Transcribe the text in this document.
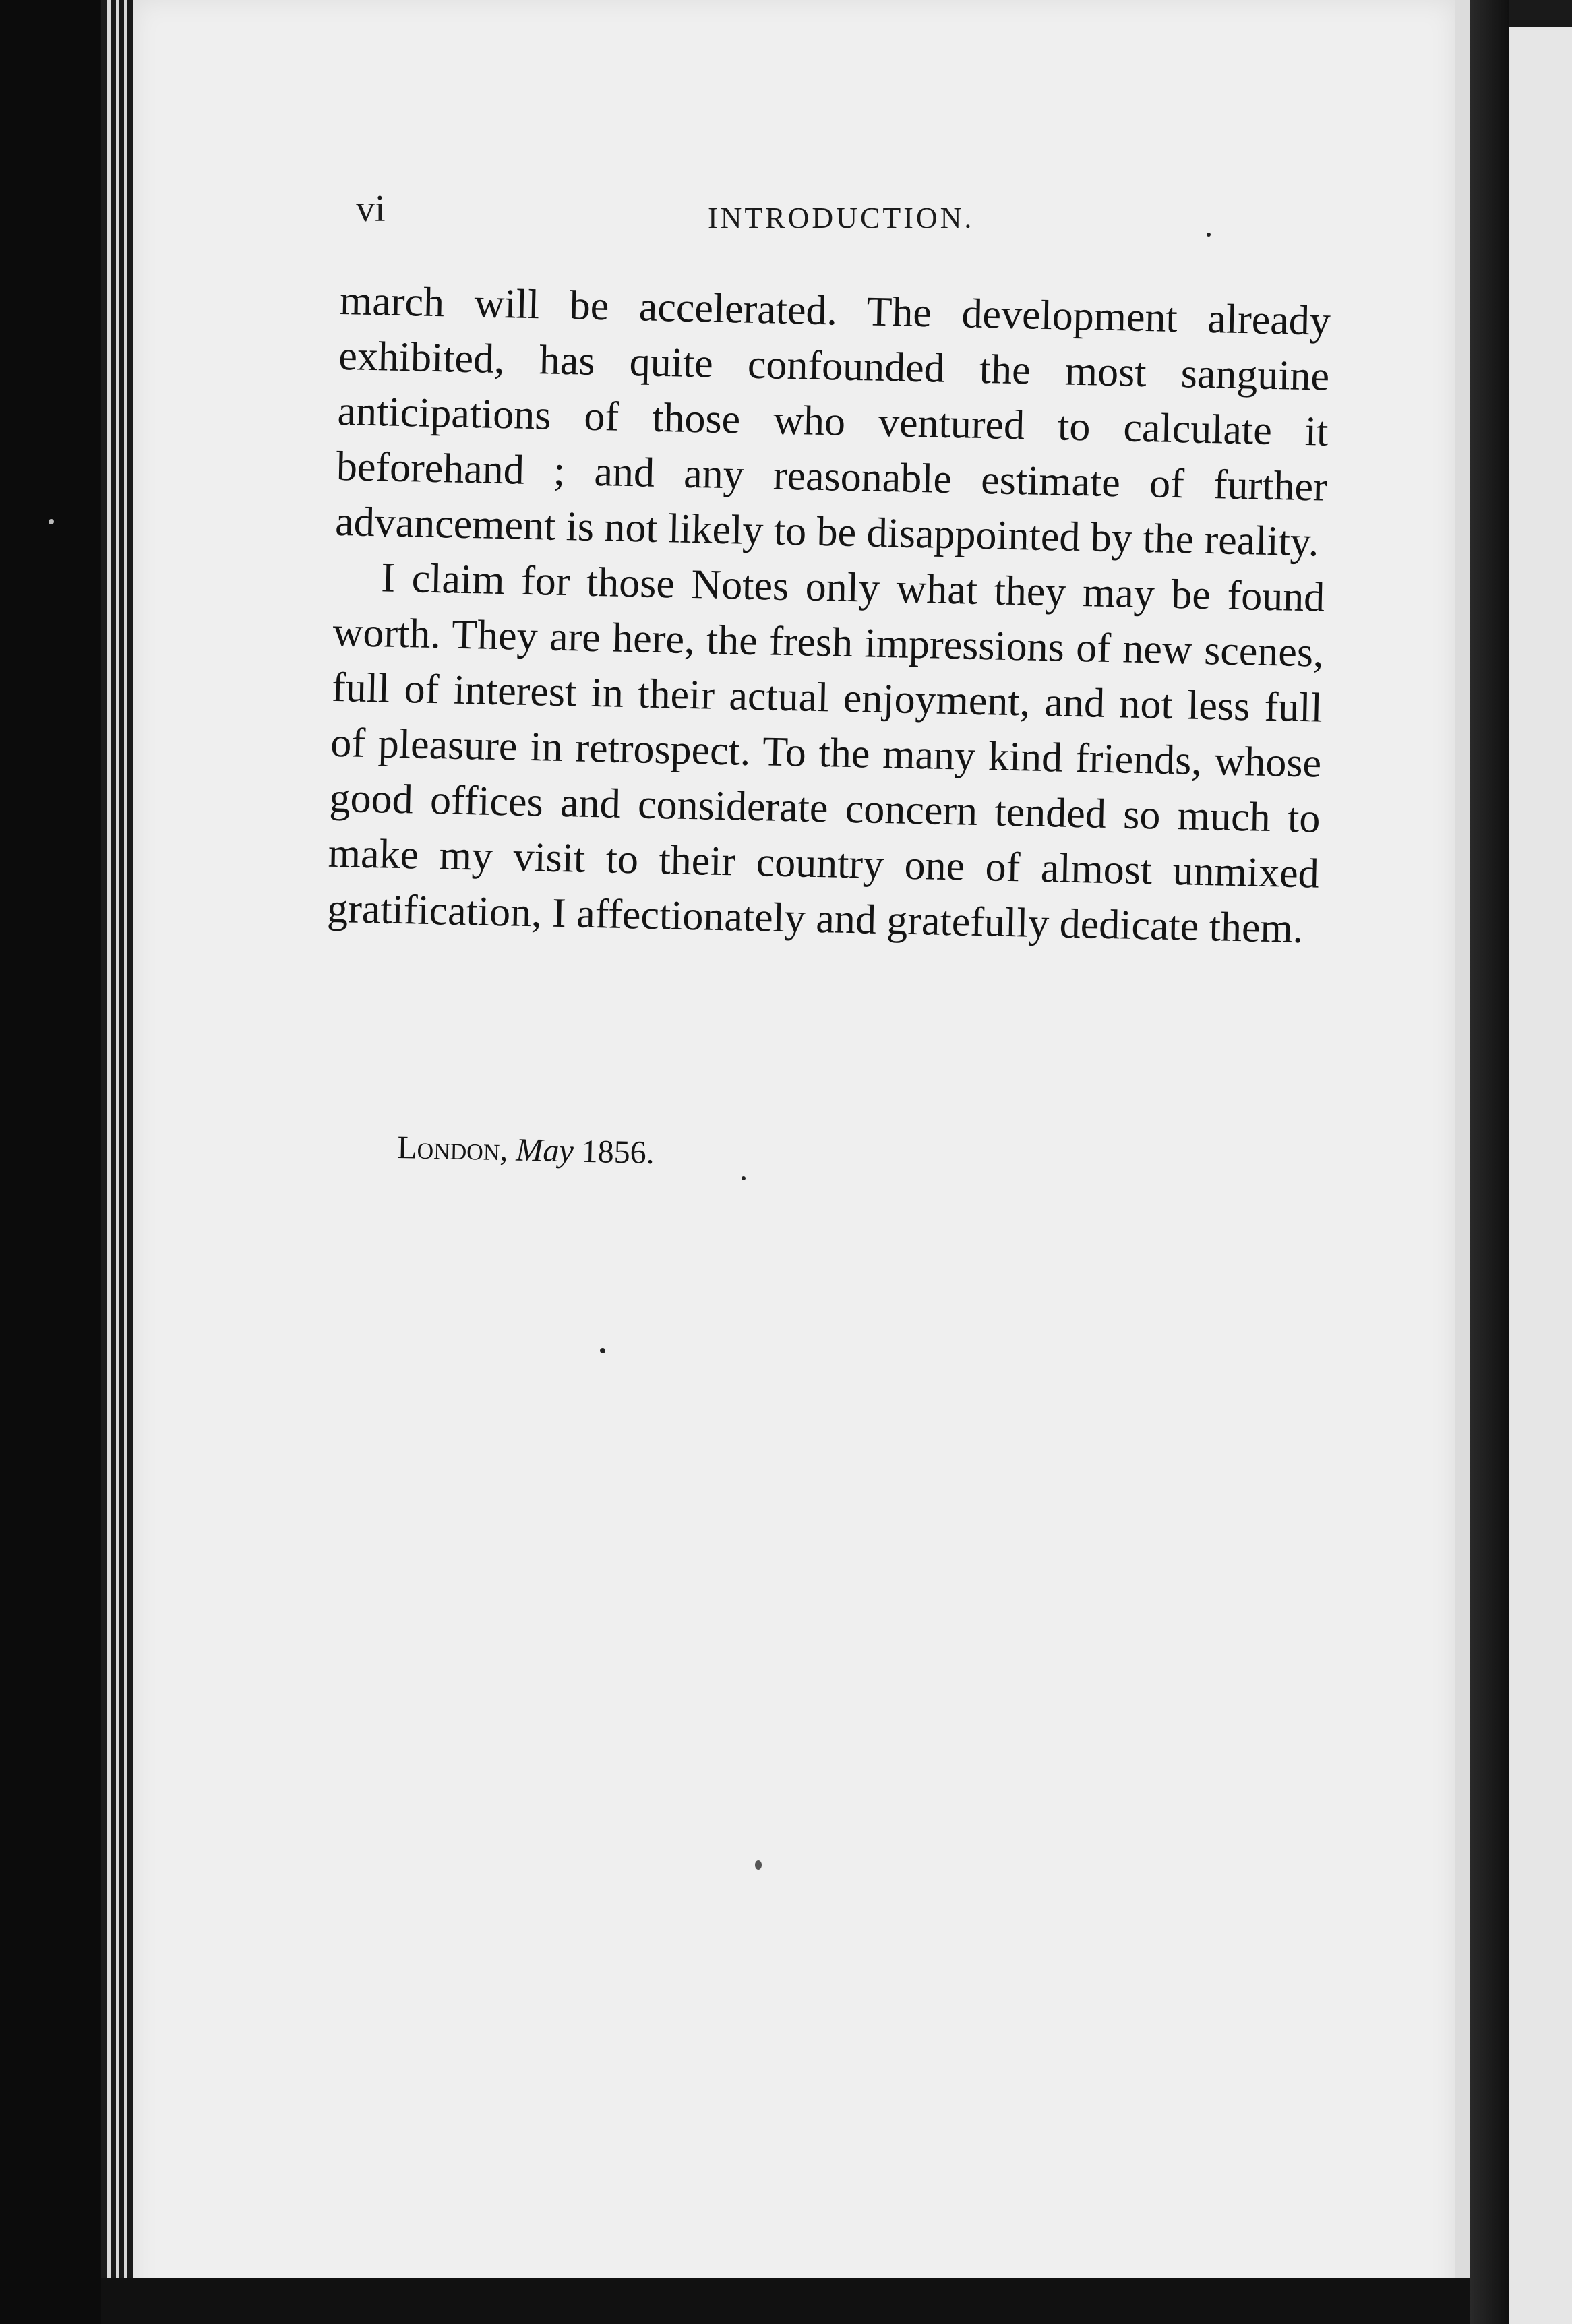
vi	INTRODUCTION.

march will be accelerated. The development already exhibited, has quite confounded the most sanguine anticipations of those who ventured to calculate it beforehand ; and any reasonable estimate of further advancement is not likely to be disappointed by the reality.

I claim for those Notes only what they may be found worth. They are here, the fresh impressions of new scenes, full of interest in their actual enjoyment, and not less full of pleasure in retrospect. To the many kind friends, whose good offices and considerate concern tended so much to make my visit to their country one of almost unmixed gratification, I affectionately and gratefully dedicate them.

London, May 1856.
